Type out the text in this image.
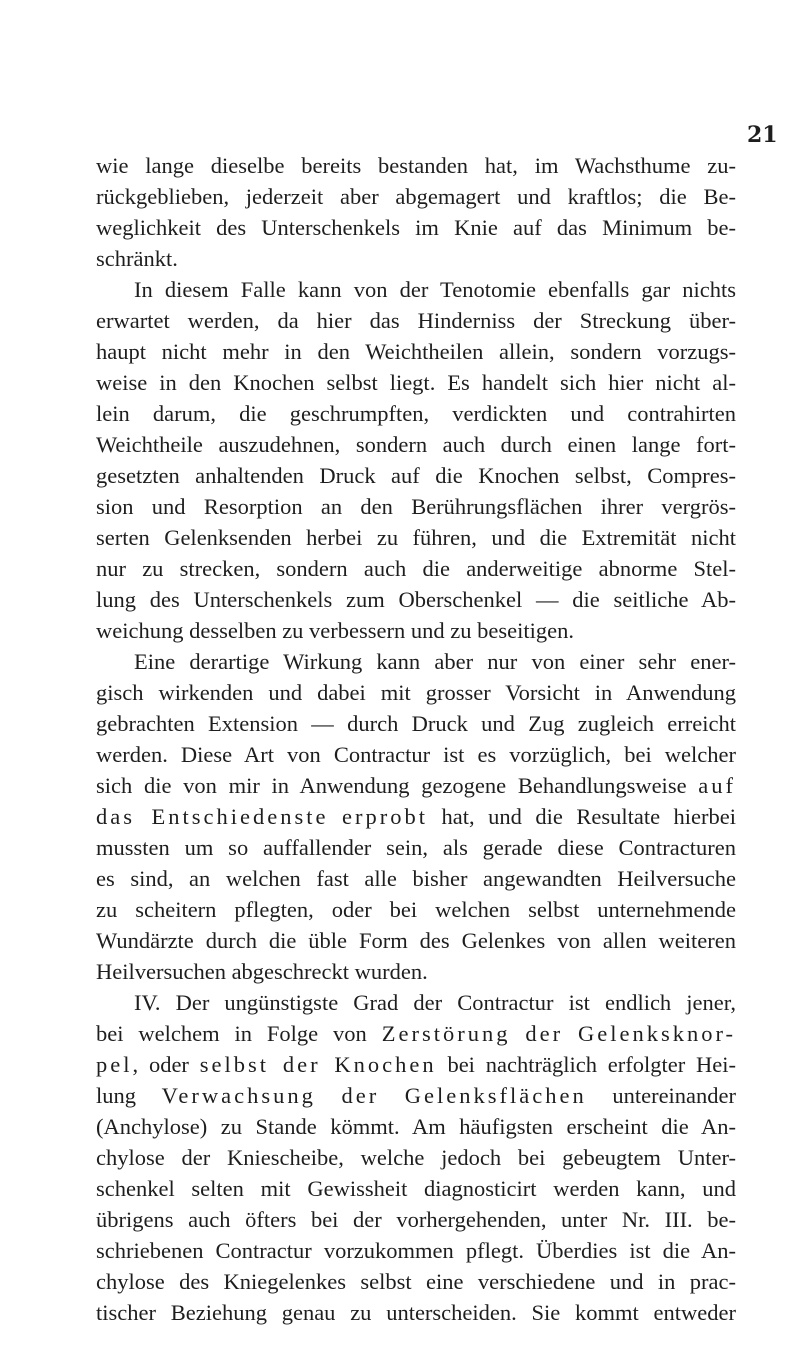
21
wie lange dieselbe bereits bestanden hat, im Wachsthume zu-
rückgeblieben, jederzeit aber abgemagert und kraftlos; die Be-
weglichkeit des Unterschenkels im Knie auf das Minimum be-
schränkt.
In diesem Falle kann von der Tenotomie ebenfalls gar nichts
erwartet werden, da hier das Hinderniss der Streckung über-
haupt nicht mehr in den Weichtheilen allein, sondern vorzugs-
weise in den Knochen selbst liegt. Es handelt sich hier nicht al-
lein darum, die geschrumpften, verdickten und contrahirten
Weichtheile auszudehnen, sondern auch durch einen lange fort-
gesetzten anhaltenden Druck auf die Knochen selbst, Compres-
sion und Resorption an den Berührungsflächen ihrer vergrös-
serten Gelenksenden herbei zu führen, und die Extremität nicht
nur zu strecken, sondern auch die anderweitige abnorme Stel-
lung des Unterschenkels zum Oberschenkel — die seitliche Ab-
weichung desselben zu verbessern und zu beseitigen.
Eine derartige Wirkung kann aber nur von einer sehr ener-
gisch wirkenden und dabei mit grosser Vorsicht in Anwendung
gebrachten Extension — durch Druck und Zug zugleich erreicht
werden. Diese Art von Contractur ist es vorzüglich, bei welcher
sich die von mir in Anwendung gezogene Behandlungsweise auf
das Entschiedenste erprobt hat, und die Resultate hierbei
mussten um so auffallender sein, als gerade diese Contracturen
es sind, an welchen fast alle bisher angewandten Heilversuche
zu scheitern pflegten, oder bei welchen selbst unternehmende
Wundärzte durch die üble Form des Gelenkes von allen weiteren
Heilversuchen abgeschreckt wurden.
IV. Der ungünstigste Grad der Contractur ist endlich jener,
bei welchem in Folge von Zerstörung der Gelenksknor-
pel, oder selbst der Knochen bei nachträglich erfolgter Hei-
lung Verwachsung der Gelenksflächen untereinander
(Anchylose) zu Stande kömmt. Am häufigsten erscheint die An-
chylose der Kniescheibe, welche jedoch bei gebeugtem Unter-
schenkel selten mit Gewissheit diagnosticirt werden kann, und
übrigens auch öfters bei der vorhergehenden, unter Nr. III. be-
schriebenen Contractur vorzukommen pflegt. Überdies ist die An-
chylose des Kniegelenkes selbst eine verschiedene und in prac-
tischer Beziehung genau zu unterscheiden. Sie kommt entweder
